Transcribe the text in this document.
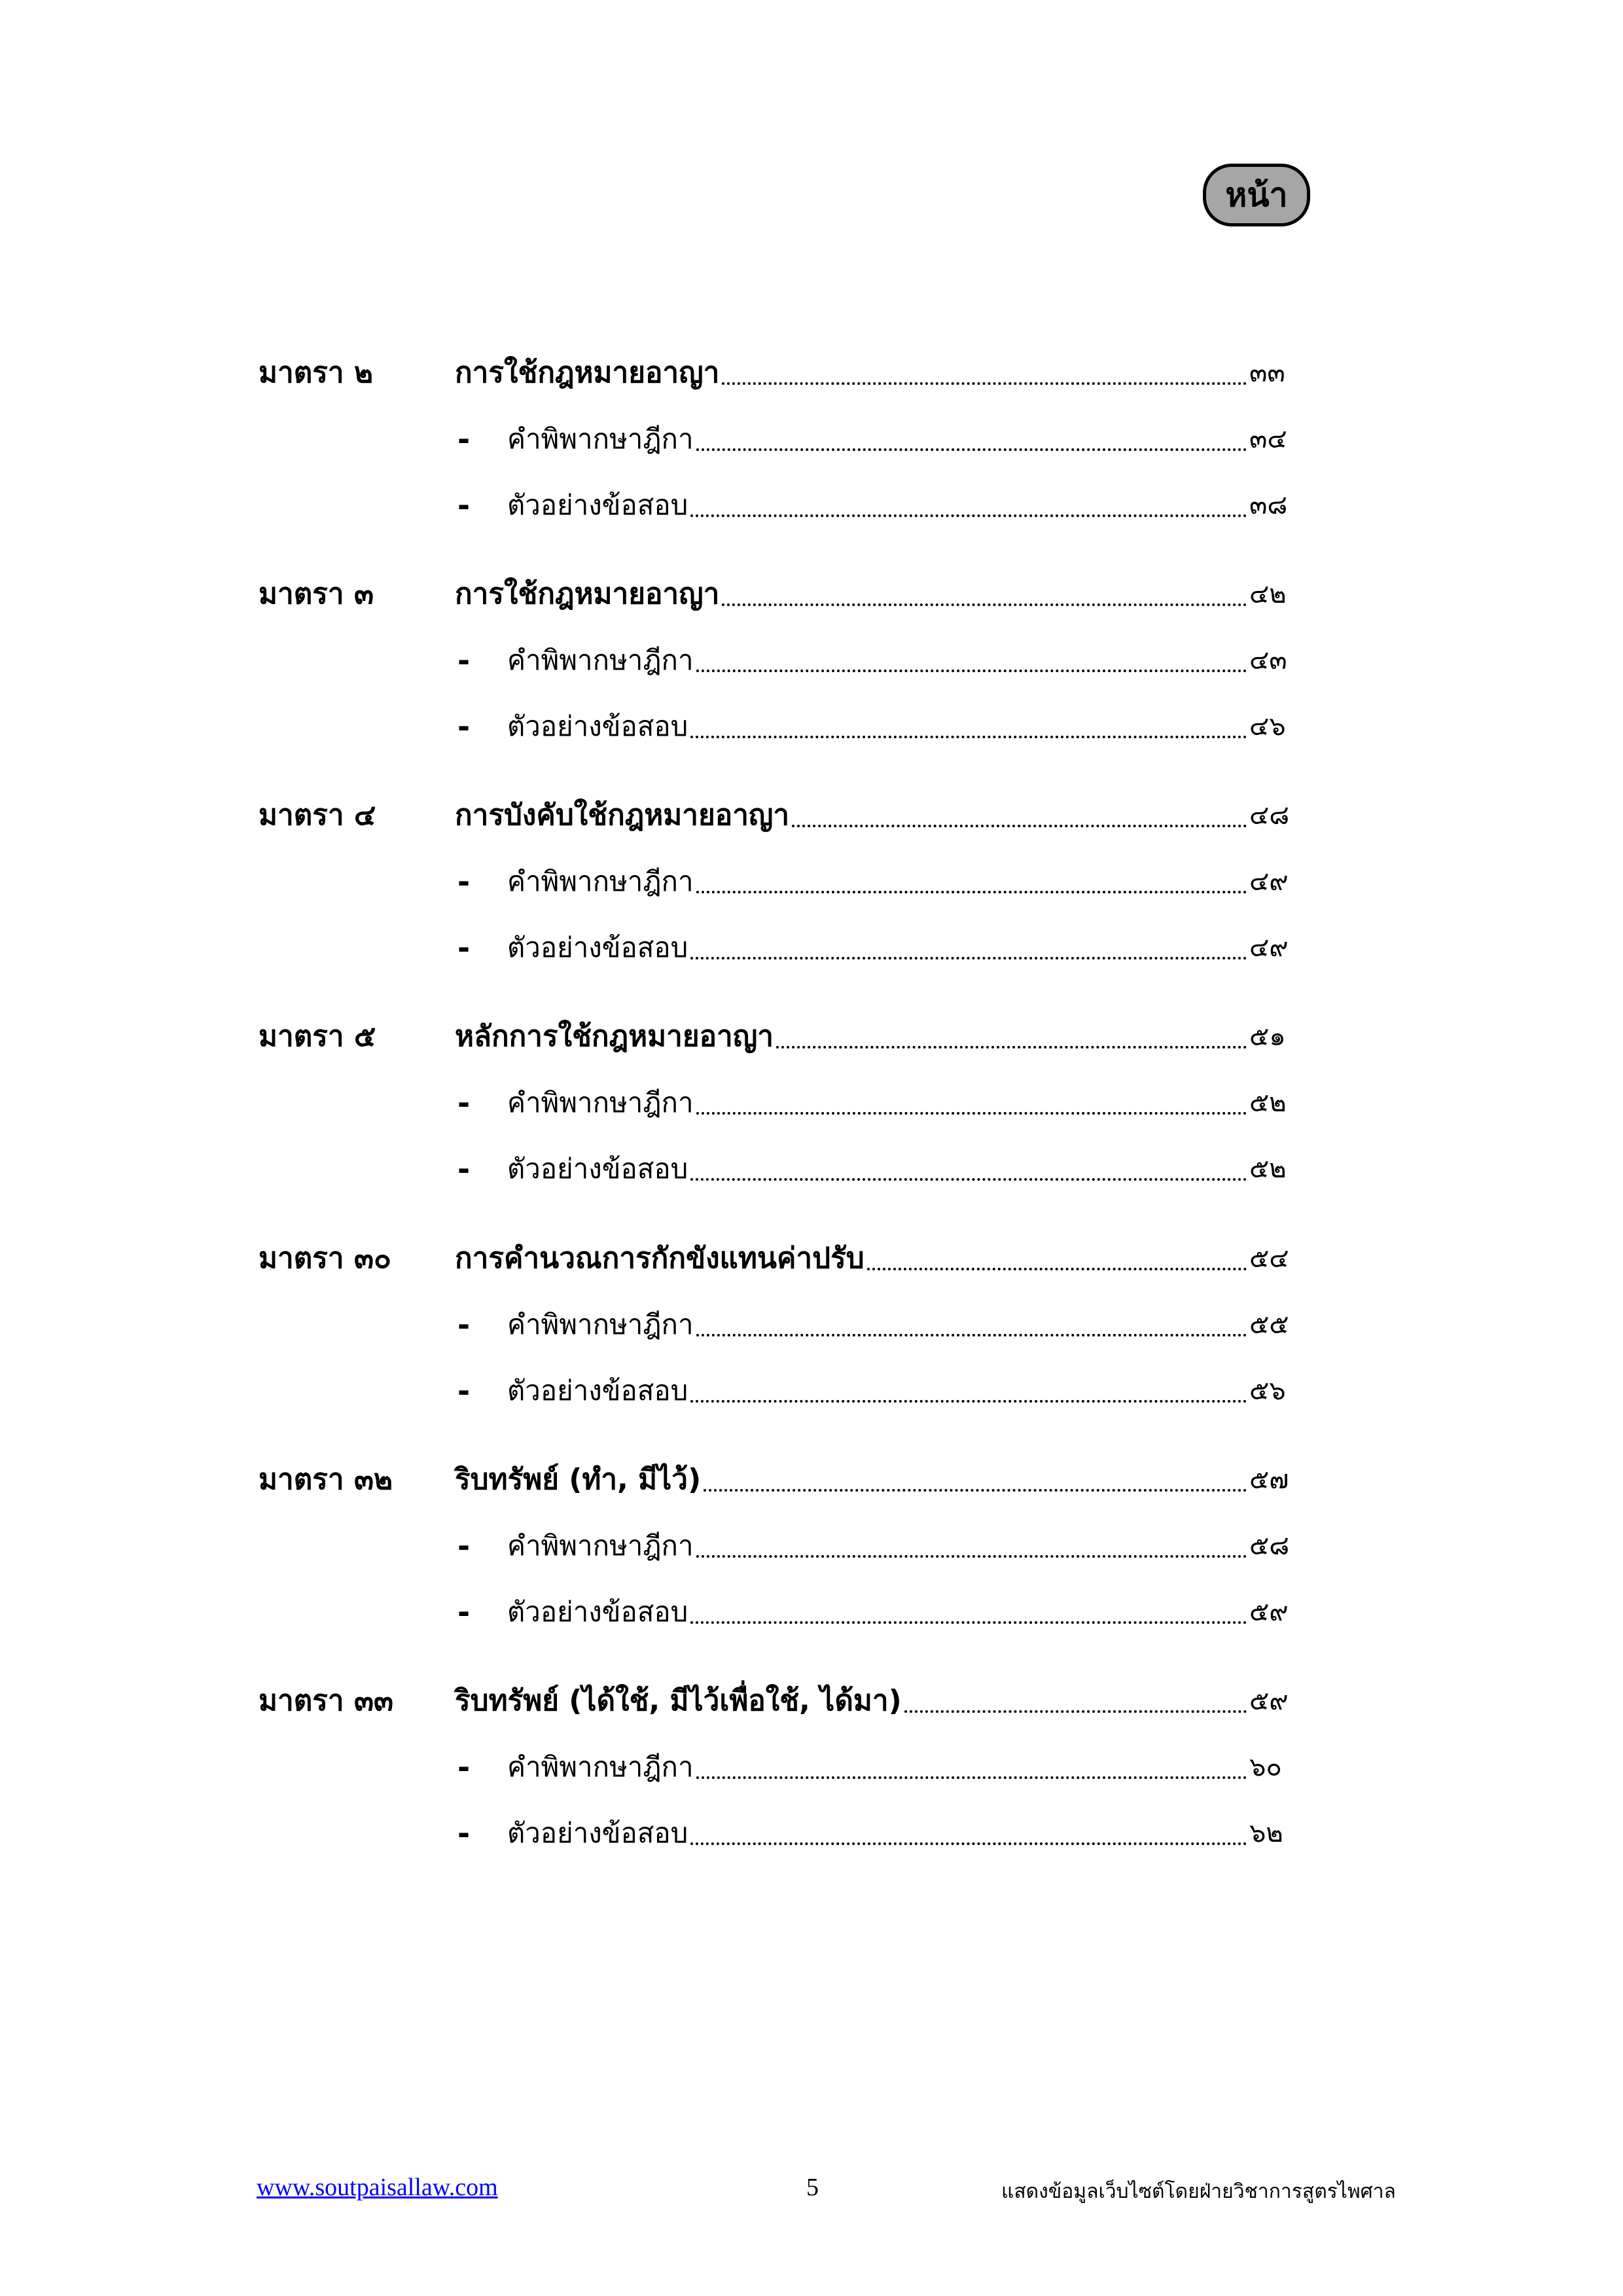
หน้า
มาตรา ๒	การใช้กฎหมายอาญา	๓๓
-	คำพิพากษาฎีกา	๓๔
-	ตัวอย่างข้อสอบ	๓๘
มาตรา ๓	การใช้กฎหมายอาญา	๔๒
-	คำพิพากษาฎีกา	๔๓
-	ตัวอย่างข้อสอบ	๔๖
มาตรา ๔	การบังคับใช้กฎหมายอาญา	๔๘
-	คำพิพากษาฎีกา	๔๙
-	ตัวอย่างข้อสอบ	๔๙
มาตรา ๕	หลักการใช้กฎหมายอาญา	๕๑
-	คำพิพากษาฎีกา	๕๒
-	ตัวอย่างข้อสอบ	๕๒
มาตรา ๓๐	การคำนวณการกักขังแทนค่าปรับ	๕๔
-	คำพิพากษาฎีกา	๕๕
-	ตัวอย่างข้อสอบ	๕๖
มาตรา ๓๒	ริบทรัพย์ (ทำ, มีไว้)	๕๗
-	คำพิพากษาฎีกา	๕๘
-	ตัวอย่างข้อสอบ	๕๙
มาตรา ๓๓	ริบทรัพย์ (ได้ใช้, มีไว้เพื่อใช้, ได้มา)	๕๙
-	คำพิพากษาฎีกา	๖๐
-	ตัวอย่างข้อสอบ	๖๒
www.soutpaisallaw.com	5	แสดงข้อมูลเว็บไซต์โดยฝ่ายวิชาการสูตรไพศาล
